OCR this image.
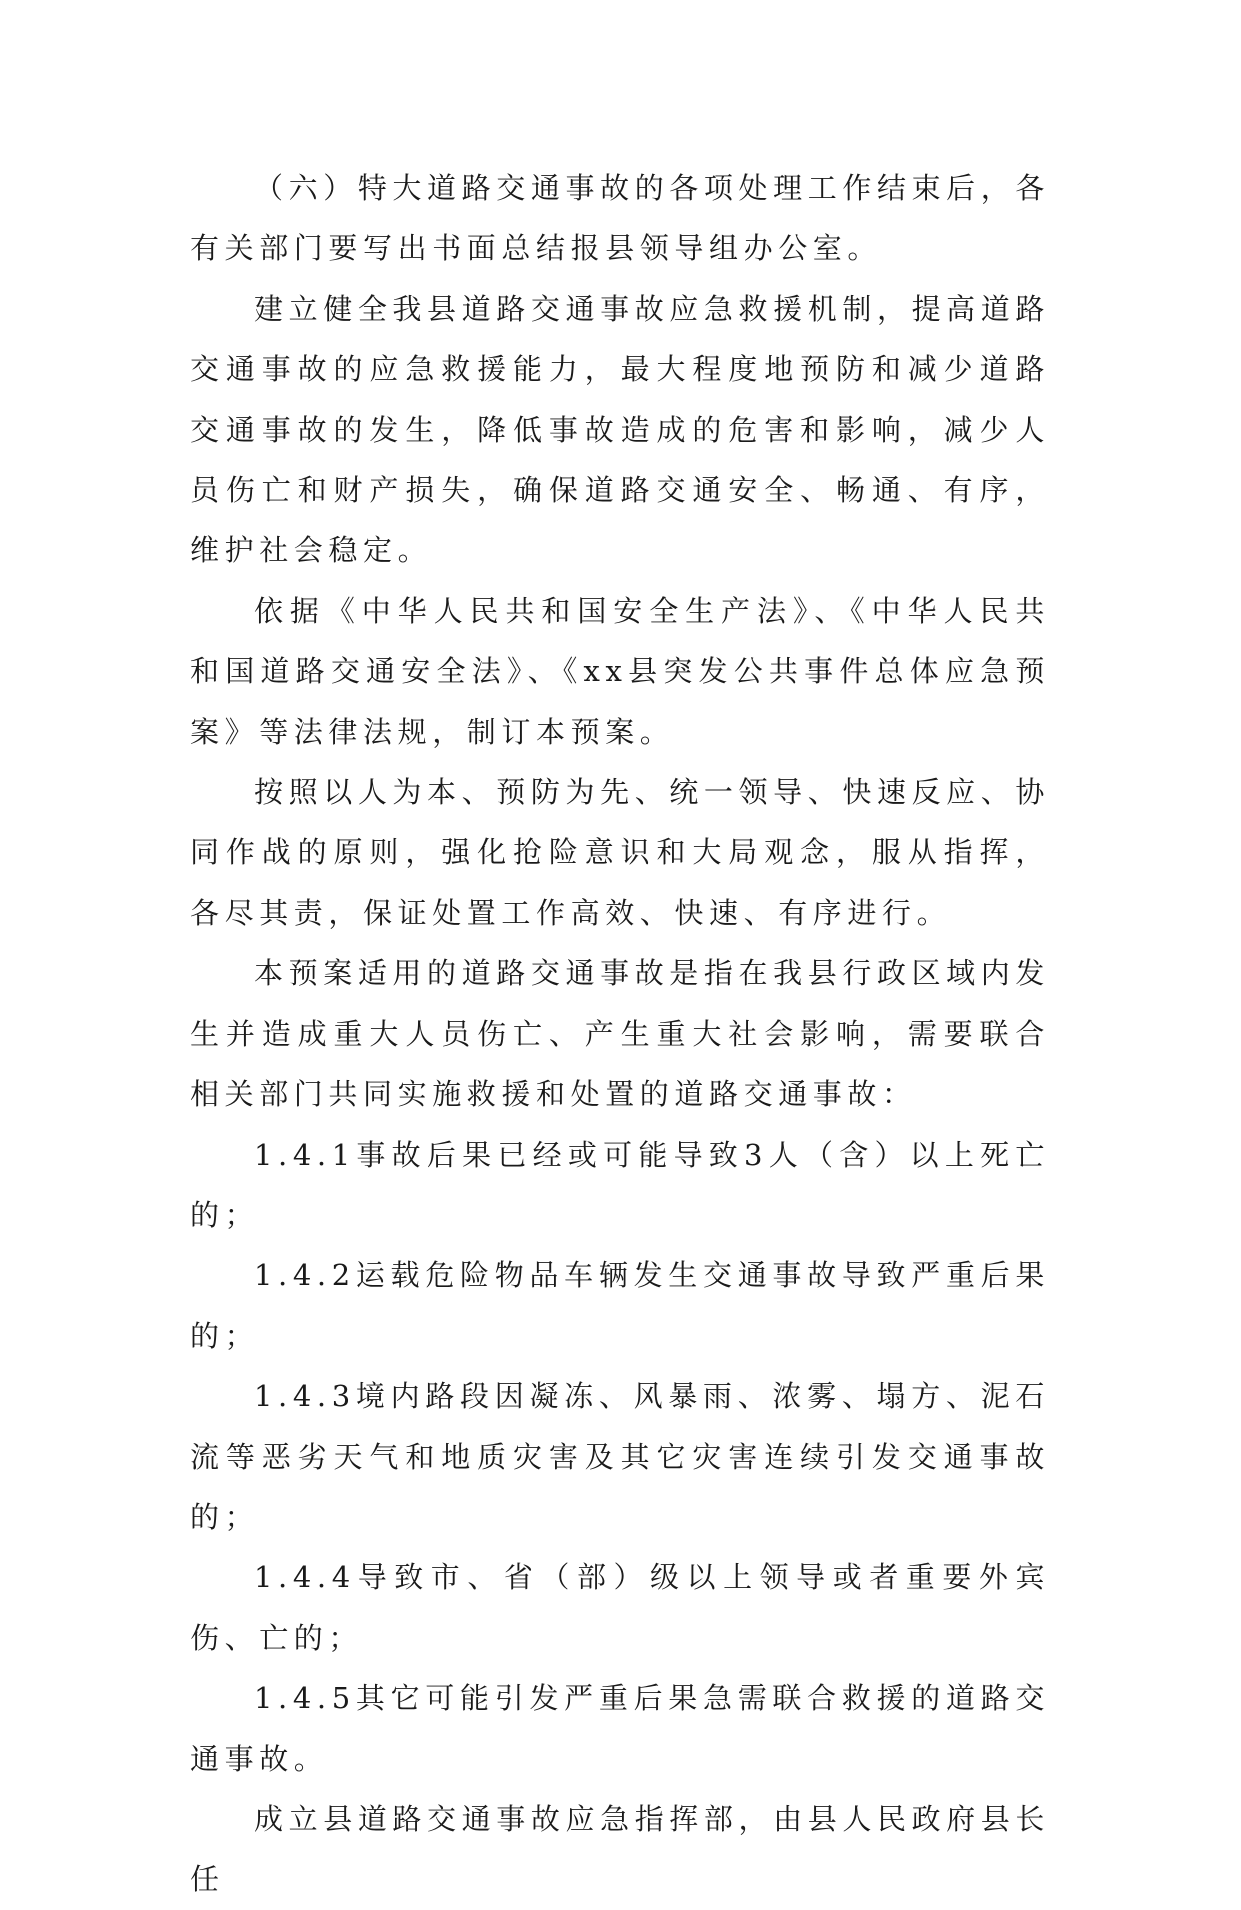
（六）特大道路交通事故的各项处理工作结束后，各有关部门要写出书面总结报县领导组办公室。

建立健全我县道路交通事故应急救援机制，提高道路交通事故的应急救援能力，最大程度地预防和减少道路交通事故的发生，降低事故造成的危害和影响，减少人员伤亡和财产损失，确保道路交通安全、畅通、有序，维护社会稳定。

依据《中华人民共和国安全生产法》、《中华人民共和国道路交通安全法》、《xx县突发公共事件总体应急预案》等法律法规，制订本预案。

按照以人为本、预防为先、统一领导、快速反应、协同作战的原则，强化抢险意识和大局观念，服从指挥，各尽其责，保证处置工作高效、快速、有序进行。

本预案适用的道路交通事故是指在我县行政区域内发生并造成重大人员伤亡、产生重大社会影响，需要联合相关部门共同实施救援和处置的道路交通事故：

1.4.1事故后果已经或可能导致3人（含）以上死亡的；

1.4.2运载危险物品车辆发生交通事故导致严重后果的；

1.4.3境内路段因凝冻、风暴雨、浓雾、塌方、泥石流等恶劣天气和地质灾害及其它灾害连续引发交通事故的；

1.4.4导致市、省（部）级以上领导或者重要外宾伤、亡的；

1.4.5其它可能引发严重后果急需联合救援的道路交通事故。

成立县道路交通事故应急指挥部，由县人民政府县长任
